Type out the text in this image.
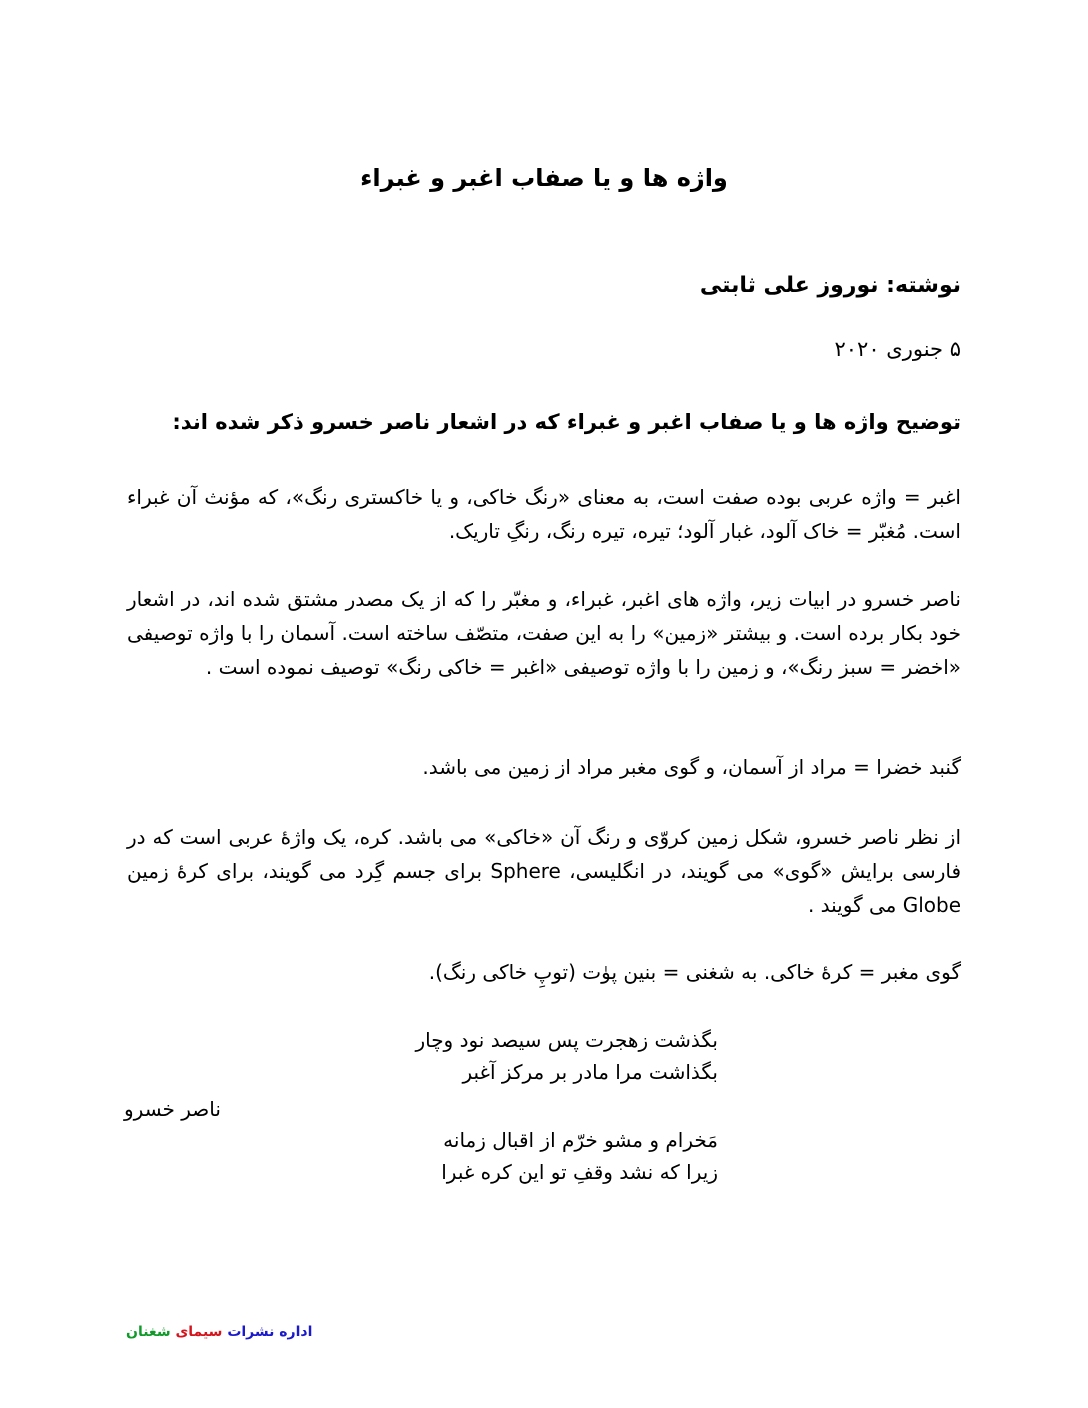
واژه ها و یا صفاب اغبر و غبراء
نوشته: نوروز علی ثابتی
۵ جنوری ۲۰۲۰
توضیح واژه ها و یا صفاب اغبر و غبراء که در اشعار ناصر خسرو ذکر شده اند:
اغبر = واژه عربی بوده صفت است، به معنای «رنگ خاکی، و یا خاکستری رنگ»، که مؤنث آن غبراء است. مُغبّر = خاک آلود، غبار آلود؛ تیره، تیره رنگ، رنگِ تاریک.
ناصر خسرو در ابیات زیر، واژه های اغبر، غبراء، و مغبّر را که از یک مصدر مشتق شده اند، در اشعار خود بکار برده است. و بیشتر «زمین» را به این صفت، متصّف ساخته است. آسمان را با واژه توصیفی «اخضر = سبز رنگ»، و زمین را با واژه توصیفی «اغبر = خاکی رنگ» توصیف نموده است .
گنبد خضرا = مراد از آسمان، و گوی مغبر مراد از زمین می باشد.
از نظر ناصر خسرو، شکل زمین کروّی و رنگ آن «خاکی» می باشد. کره، یک واژهٔ عربی است که در فارسی برایش «گوی» می گویند، در انگلیسی، Sphere برای جسم گِرد می گویند، برای کرهٔ زمین Globe می گویند .
گوی مغبر = کرهٔ خاکی. به شغنی = بنین پۈت (توپِ خاکی رنگ).
بگذشت زهجرت پس سیصد نود وچار
بگذاشت مرا مادر بر مرکز آغبر
ناصر خسرو
مَخرام و مشو خرّم از اقبال زمانه
زیرا که نشد وقفِ تو این کره غبرا
اداره نشرات سیمای شغنان
